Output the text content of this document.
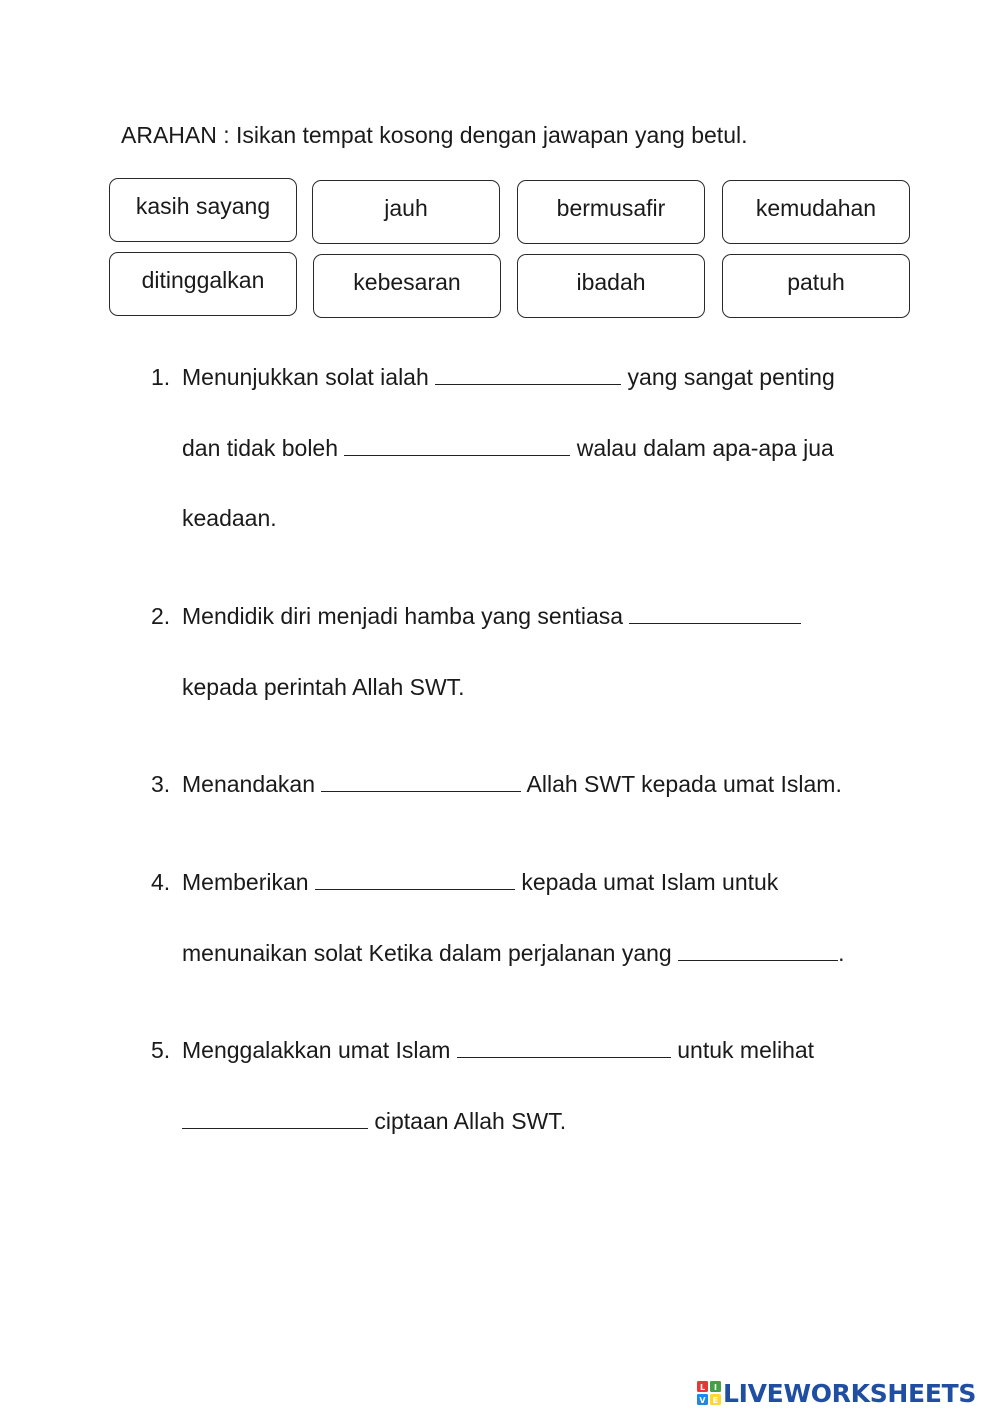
ARAHAN : Isikan tempat kosong dengan jawapan yang betul.
kasih sayang	jauh	bermusafir	kemudahan
ditinggalkan	kebesaran	ibadah	patuh
1. Menunjukkan solat ialah	yang sangat penting
dan tidak boleh	walau dalam apa-apa jua
keadaan.
2. Mendidik diri menjadi hamba yang sentiasa
kepada perintah Allah SWT.
3. Menandakan	Allah SWT kepada umat Islam.
4. Memberikan	kepada umat Islam untuk
menunaikan solat Ketika dalam perjalanan yang	.
5. Menggalakkan umat Islam	untuk melihat
ciptaan Allah SWT.
L I
V E LIVEWORKSHEETS
